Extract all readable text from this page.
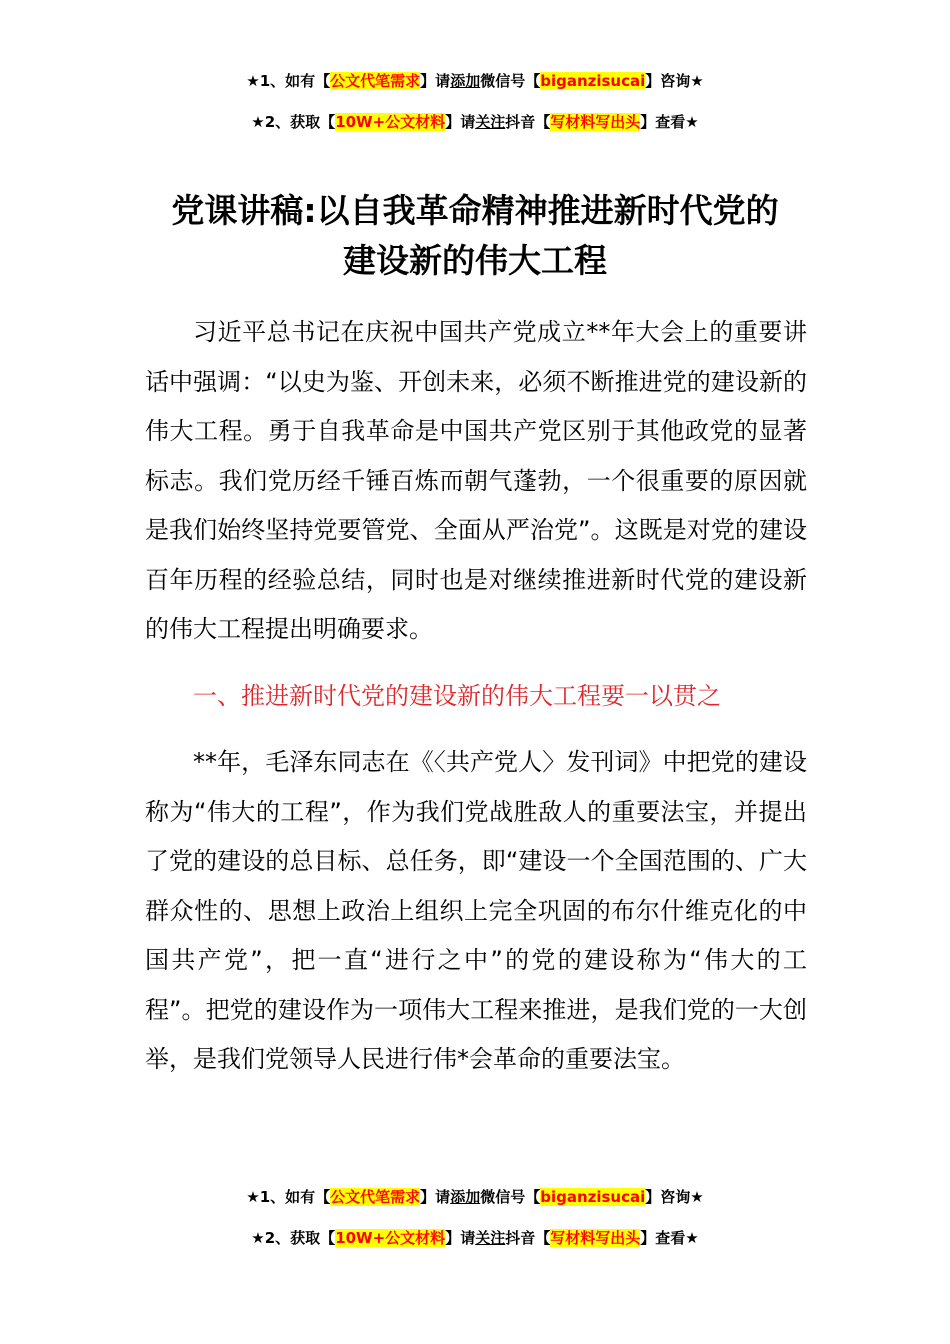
★1、如有【公文代笔需求】请添加微信号【biganzisucai】咨询★
★2、获取【10W+公文材料】请关注抖音【写材料写出头】查看★
党课讲稿:以自我革命精神推进新时代党的
建设新的伟大工程

习近平总书记在庆祝中国共产党成立**年大会上的重要讲话中强调：“以史为鉴、开创未来，必须不断推进党的建设新的伟大工程。勇于自我革命是中国共产党区别于其他政党的显著标志。我们党历经千锤百炼而朝气蓬勃，一个很重要的原因就是我们始终坚持党要管党、全面从严治党”。这既是对党的建设百年历程的经验总结，同时也是对继续推进新时代党的建设新的伟大工程提出明确要求。

一、推进新时代党的建设新的伟大工程要一以贯之

**年，毛泽东同志在《〈共产党人〉发刊词》中把党的建设称为“伟大的工程”，作为我们党战胜敌人的重要法宝，并提出了党的建设的总目标、总任务，即“建设一个全国范围的、广大群众性的、思想上政治上组织上完全巩固的布尔什维克化的中国共产党”，把一直“进行之中”的党的建设称为“伟大的工程”。把党的建设作为一项伟大工程来推进，是我们党的一大创举，是我们党领导人民进行伟*会革命的重要法宝。

★1、如有【公文代笔需求】请添加微信号【biganzisucai】咨询★
★2、获取【10W+公文材料】请关注抖音【写材料写出头】查看★
